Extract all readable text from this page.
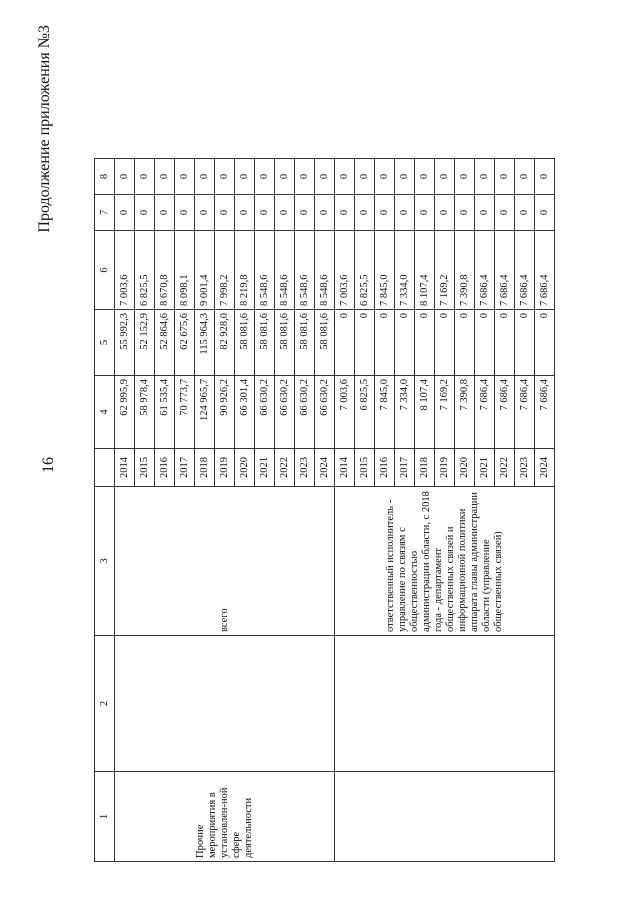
16
Продолжение приложения №3
1	2	3		4	5	6	7	8
Прочие мероприятия в установлен-ной сфере деятельности		всего	2014	62 995,9	55 992,3	7 003,6	0	0
			2015	58 978,4	52 152,9	6 825,5	0	0
			2016	61 535,4	52 864,6	8 670,8	0	0
			2017	70 773,7	62 675,6	8 098,1	0	0
			2018	124 965,7	115 964,3	9 001,4	0	0
			2019	90 926,2	82 928,0	7 998,2	0	0
			2020	66 301,4	58 081,6	8 219,8	0	0
			2021	66 630,2	58 081,6	8 548,6	0	0
			2022	66 630,2	58 081,6	8 548,6	0	0
			2023	66 630,2	58 081,6	8 548,6	0	0
			2024	66 630,2	58 081,6	8 548,6	0	0
		ответственный исполнитель - управление по связям с общественностью администрации области, с 2018 года - департамент общественных связей и информационной политики аппарата главы администрации области (управление общественных связей)	2014	7 003,6	0	7 003,6	0	0
			2015	6 825,5	0	6 825,5	0	0
			2016	7 845,0	0	7 845,0	0	0
			2017	7 334,0	0	7 334,0	0	0
			2018	8 107,4	0	8 107,4	0	0
			2019	7 169,2	0	7 169,2	0	0
			2020	7 390,8	0	7 390,8	0	0
			2021	7 686,4	0	7 686,4	0	0
			2022	7 686,4	0	7 686,4	0	0
			2023	7 686,4	0	7 686,4	0	0
			2024	7 686,4	0	7 686,4	0	0
